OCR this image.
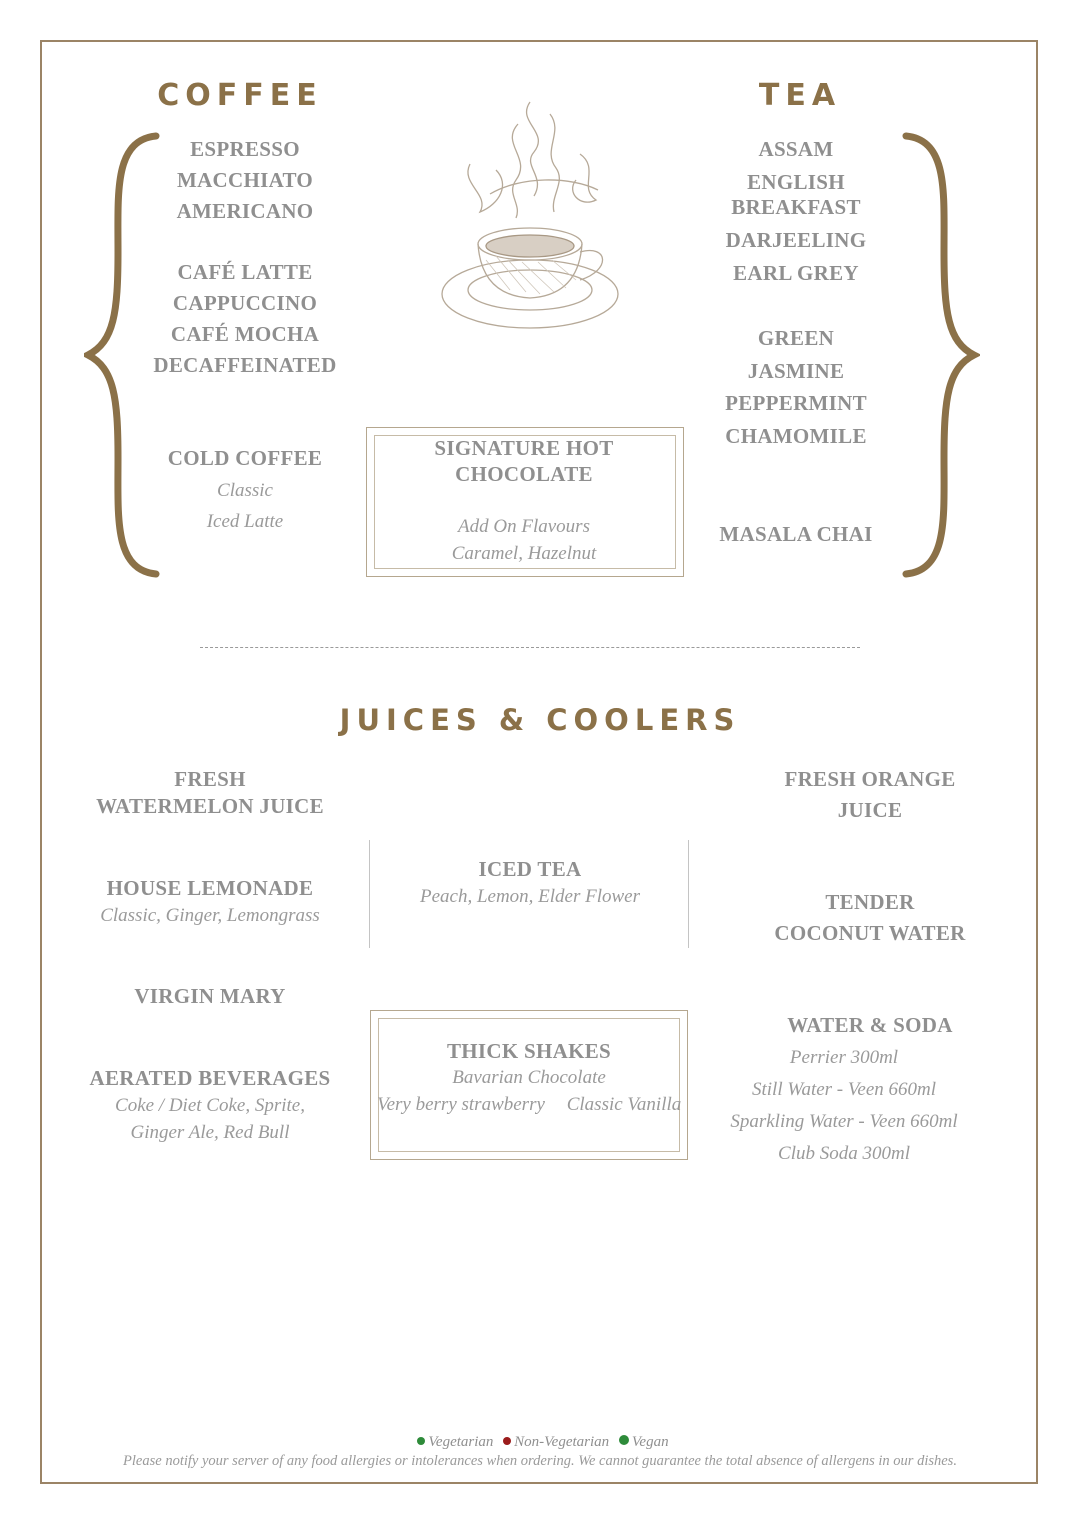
COFFEE	TEA
ESPRESSO
MACCHIATO
AMERICANO
CAFÉ LATTE
CAPPUCCINO
CAFÉ MOCHA
DECAFFEINATED
COLD COFFEE
Classic
Iced Latte
ASSAM
ENGLISH
BREAKFAST
DARJEELING
EARL GREY
GREEN
JASMINE
PEPPERMINT
CHAMOMILE
MASALA CHAI
SIGNATURE HOT
CHOCOLATE
Add On Flavours
Caramel, Hazelnut
JUICES & COOLERS
FRESH
WATERMELON JUICE
FRESH ORANGE
JUICE
HOUSE LEMONADE
Classic, Ginger, Lemongrass
ICED TEA
Peach, Lemon, Elder Flower	TENDER
COCONUT WATER
VIRGIN MARY
AERATED BEVERAGES
Coke / Diet Coke, Sprite,
Ginger Ale, Red Bull
THICK SHAKES
Bavarian Chocolate
Very berry strawberry Classic Vanilla
WATER & SODA
Perrier 300ml
Still Water - Veen 660ml
Sparkling Water - Veen 660ml
Club Soda 300ml
Vegetarian Non-Vegetarian Vegan
Please notify your server of any food allergies or intolerances when ordering. We cannot guarantee the total absence of allergens in our dishes.
